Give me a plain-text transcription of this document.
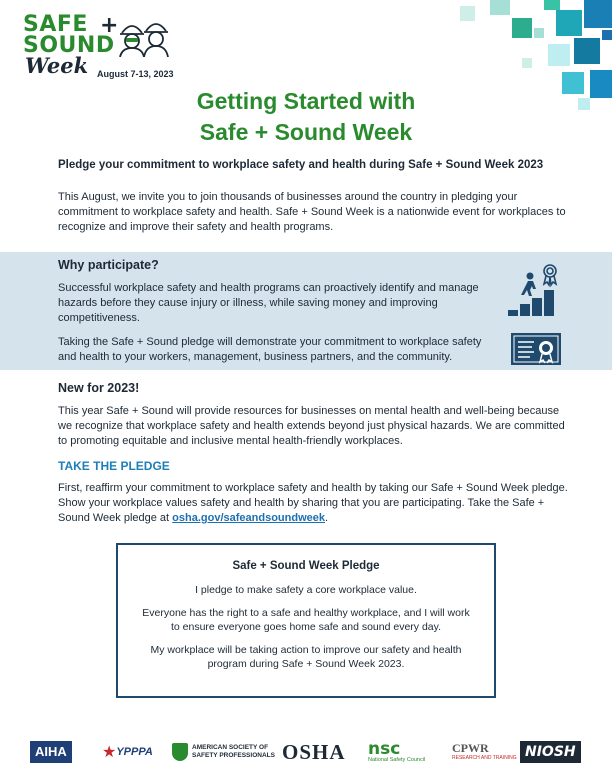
SAFE +
SOUND
Week August 7-13, 2023
Getting Started with
Safe + Sound Week

Pledge your commitment to workplace safety and health during Safe + Sound Week 2023

This August, we invite you to join thousands of businesses around the country in pledging your commitment to workplace safety and health. Safe + Sound Week is a nationwide event for workplaces to recognize and improve their safety and health programs.

Why participate?

Successful workplace safety and health programs can proactively identify and manage hazards before they cause injury or illness, while saving money and improving competitiveness.

Taking the Safe + Sound pledge will demonstrate your commitment to workplace safety and health to your workers, management, business partners, and the community.

New for 2023!

This year Safe + Sound will provide resources for businesses on mental health and well-being because we recognize that workplace safety and health extends beyond just physical hazards. We are committed to promoting equitable and inclusive mental health-friendly workplaces.

TAKE THE PLEDGE

First, reaffirm your commitment to workplace safety and health by taking our Safe + Sound Week pledge. Show your workplace values safety and health by sharing that you are participating. Take the Safe + Sound Week pledge at osha.gov/safeandsoundweek.

Safe + Sound Week Pledge

I pledge to make safety a core workplace value.

Everyone has the right to a safe and healthy workplace, and I will work to ensure everyone goes home safe and sound every day.

My workplace will be taking action to improve our safety and health program during Safe + Sound Week 2023.

AIHA	★ YPPPA	AMERICAN SOCIETY OF
SAFETY PROFESSIONALS OSHA nsc
National Safety Council
CPWR
RESEARCH AND TRAINING NIOSH
